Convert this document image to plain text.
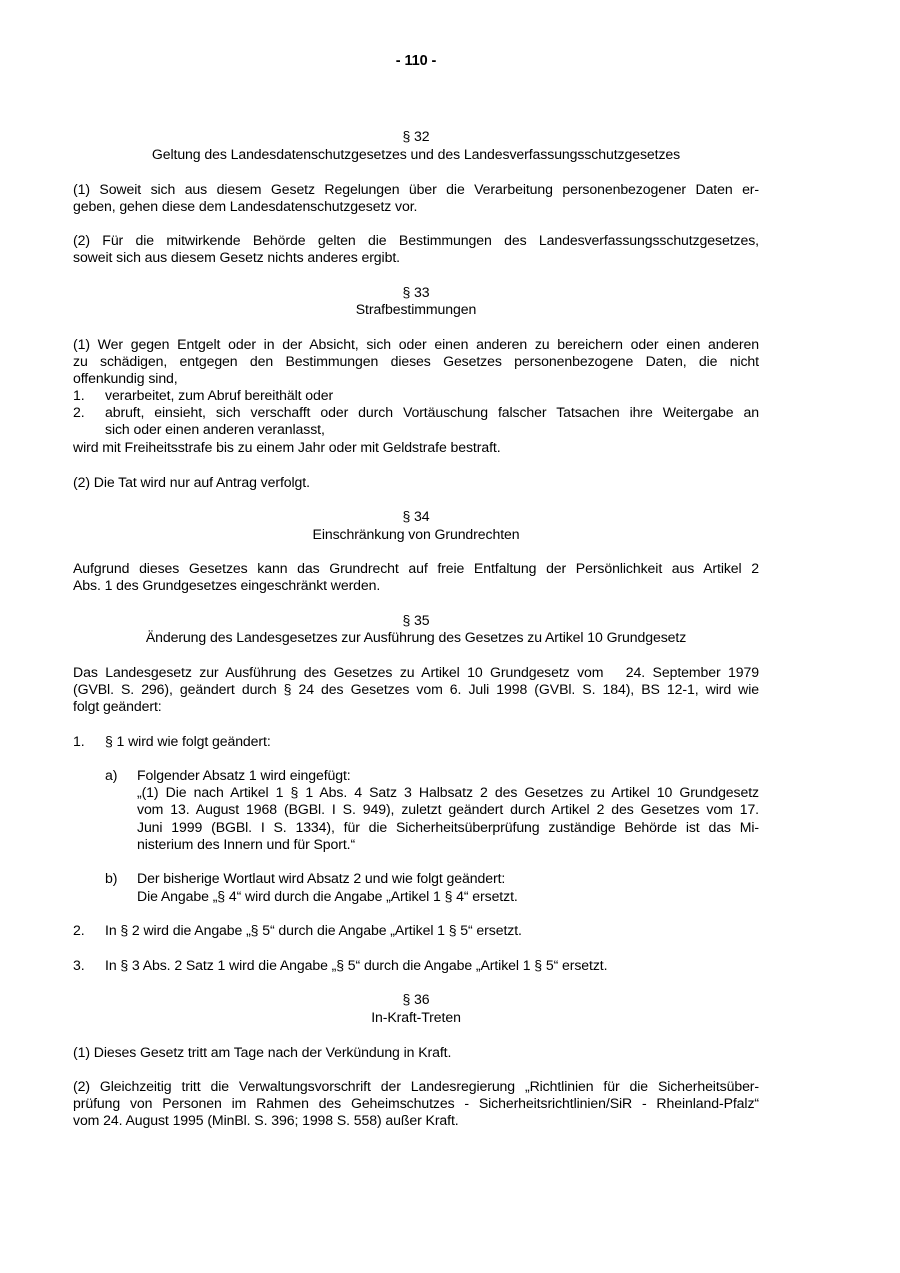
- 110 -
§ 32
Geltung des Landesdatenschutzgesetzes und des Landesverfassungsschutzgesetzes
(1) Soweit sich aus diesem Gesetz Regelungen über die Verarbeitung personenbezogener Daten er-
geben, gehen diese dem Landesdatenschutzgesetz vor.
(2) Für die mitwirkende Behörde gelten die Bestimmungen des Landesverfassungsschutzgesetzes,
soweit sich aus diesem Gesetz nichts anderes ergibt.
§ 33
Strafbestimmungen
(1) Wer gegen Entgelt oder in der Absicht, sich oder einen anderen zu bereichern oder einen anderen
zu schädigen, entgegen den Bestimmungen dieses Gesetzes personenbezogene Daten, die nicht
offenkundig sind,
1.	verarbeitet, zum Abruf bereithält oder
2.	abruft, einsieht, sich verschafft oder durch Vortäuschung falscher Tatsachen ihre Weitergabe an
sich oder einen anderen veranlasst,
wird mit Freiheitsstrafe bis zu einem Jahr oder mit Geldstrafe bestraft.
(2) Die Tat wird nur auf Antrag verfolgt.
§ 34
Einschränkung von Grundrechten
Aufgrund dieses Gesetzes kann das Grundrecht auf freie Entfaltung der Persönlichkeit aus Artikel 2
Abs. 1 des Grundgesetzes eingeschränkt werden.
§ 35
Änderung des Landesgesetzes zur Ausführung des Gesetzes zu Artikel 10 Grundgesetz
Das Landesgesetz zur Ausführung des Gesetzes zu Artikel 10 Grundgesetz vom   24. September 1979
(GVBl. S. 296), geändert durch § 24 des Gesetzes vom 6. Juli 1998 (GVBl. S. 184), BS 12-1, wird wie
folgt geändert:
1.	§ 1 wird wie folgt geändert:
a)	Folgender Absatz 1 wird eingefügt:
„(1) Die nach Artikel 1 § 1 Abs. 4 Satz 3 Halbsatz 2 des Gesetzes zu Artikel 10 Grundgesetz
vom 13. August 1968 (BGBl. I S. 949), zuletzt geändert durch Artikel 2 des Gesetzes vom 17.
Juni 1999 (BGBl. I S. 1334), für die Sicherheitsüberprüfung zuständige Behörde ist das Mi-
nisterium des Innern und für Sport.“
b)	Der bisherige Wortlaut wird Absatz 2 und wie folgt geändert:
Die Angabe „§ 4“ wird durch die Angabe „Artikel 1 § 4“ ersetzt.
2.	In § 2 wird die Angabe „§ 5“ durch die Angabe „Artikel 1 § 5“ ersetzt.
3.	In § 3 Abs. 2 Satz 1 wird die Angabe „§ 5“ durch die Angabe „Artikel 1 § 5“ ersetzt.
§ 36
In-Kraft-Treten
(1) Dieses Gesetz tritt am Tage nach der Verkündung in Kraft.
(2) Gleichzeitig tritt die Verwaltungsvorschrift der Landesregierung „Richtlinien für die Sicherheitsüber-
prüfung von Personen im Rahmen des Geheimschutzes - Sicherheitsrichtlinien/SiR - Rheinland-Pfalz“
vom 24. August 1995 (MinBl. S. 396; 1998 S. 558) außer Kraft.
